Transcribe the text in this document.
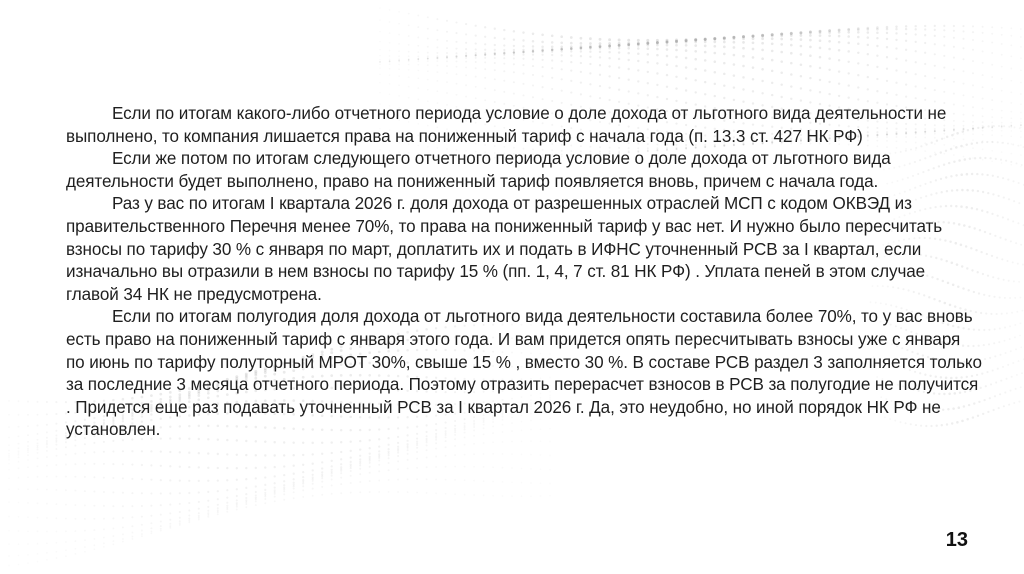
Если по итогам какого-либо отчетного периода условие о доле дохода от льготного вида деятельности не выполнено, то компания лишается права на пониженный тариф с начала года (п. 13.3 ст. 427 НК РФ)

Если же потом по итогам следующего отчетного периода условие о доле дохода от льготного вида деятельности будет выполнено, право на пониженный тариф появляется вновь, причем с начала года.

Раз у вас по итогам I квартала 2026 г. доля дохода от разрешенных отраслей МСП с кодом ОКВЭД из правительственного Перечня менее 70%, то права на пониженный тариф у вас нет. И нужно было пересчитать взносы по тарифу 30 % с января по март, доплатить их и подать в ИФНС уточненный РСВ за I квартал, если изначально вы отразили в нем взносы по тарифу 15 % (пп. 1, 4, 7 ст. 81 НК РФ) . Уплата пеней в этом случае главой 34 НК не предусмотрена.

Если по итогам полугодия доля дохода от льготного вида деятельности составила более 70%, то у вас вновь есть право на пониженный тариф с января этого года. И вам придется опять пересчитывать взносы уже с января по июнь по тарифу полуторный МРОТ 30%, свыше 15 % , вместо 30 %. В составе РСВ раздел 3 заполняется только за последние 3 месяца отчетного периода. Поэтому отразить перерасчет взносов в РСВ за полугодие не получится . Придется еще раз подавать уточненный РСВ за I квартал 2026 г. Да, это неудобно, но иной порядок НК РФ не установлен.

13
